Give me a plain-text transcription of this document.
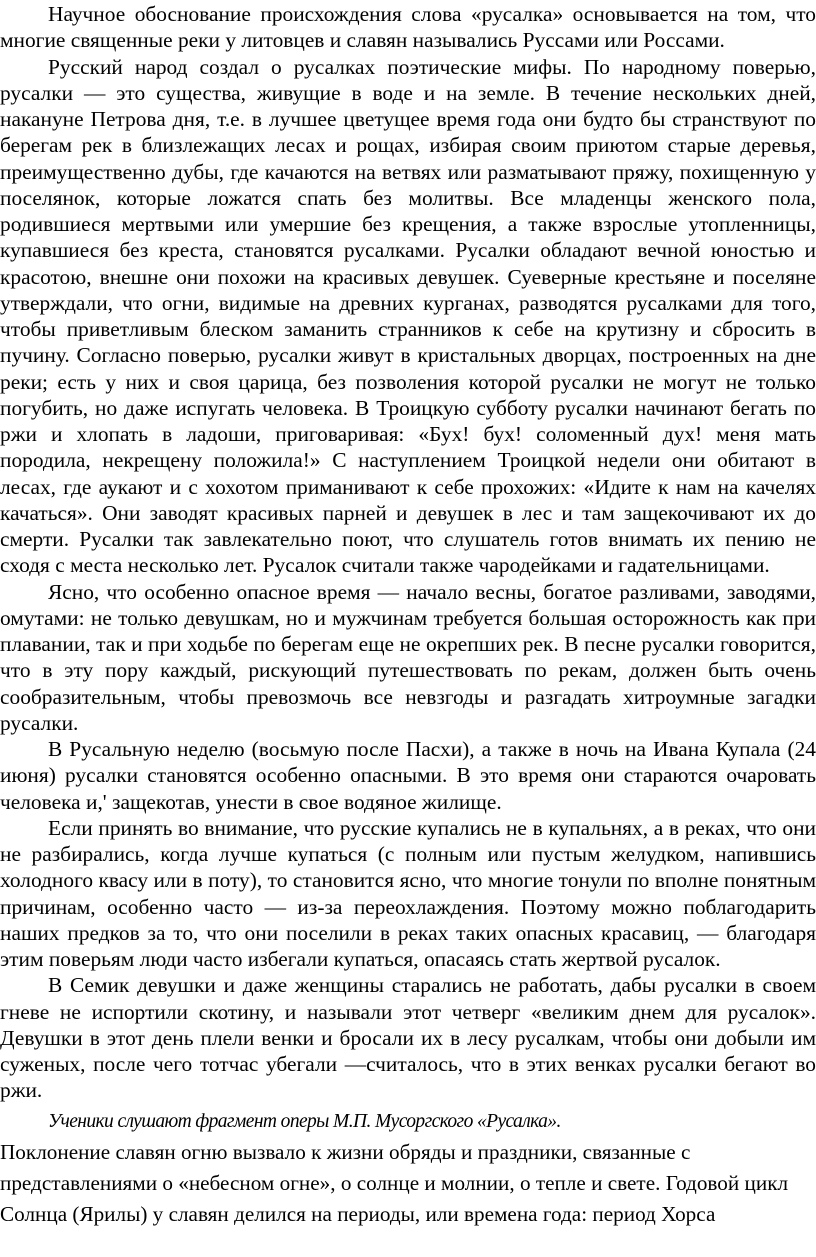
Научное обоснование происхождения слова «русалка» основывается на том, что многие священные реки у литовцев и славян назывались Руссами или Россами.

Русский народ создал о русалках поэтические мифы. По народному поверью, русалки — это существа, живущие в воде и на земле. В течение нескольких дней, накануне Петрова дня, т.е. в лучшее цветущее время года они будто бы странствуют по берегам рек в близлежащих лесах и рощах, избирая своим приютом старые деревья, преимущественно дубы, где качаются на ветвях или разматывают пряжу, похищенную у поселянок, которые ложатся спать без молитвы. Все младенцы женского пола, родившиеся мертвыми или умершие без крещения, а также взрослые утопленницы, купавшиеся без креста, становятся русалками. Русалки обладают вечной юностью и красотою, внешне они похожи на красивых девушек. Суеверные крестьяне и поселяне утверждали, что огни, видимые на древних курганах, разводятся русалками для того, чтобы приветливым блеском заманить странников к себе на крутизну и сбросить в пучину. Согласно поверью, русалки живут в кристальных дворцах, построенных на дне реки; есть у них и своя царица, без позволения которой русалки не могут не только погубить, но даже испугать человека. В Троицкую субботу русалки начинают бегать по ржи и хлопать в ладоши, приговаривая: «Бух! бух! соломенный дух! меня мать породила, некрещену положила!» С наступлением Троицкой недели они обитают в лесах, где аукают и с хохотом приманивают к себе прохожих: «Идите к нам на качелях качаться». Они заводят красивых парней и девушек в лес и там защекочивают их до смерти. Русалки так завлекательно поют, что слушатель готов внимать их пению не сходя с места несколько лет. Русалок считали также чародейками и гадательницами.

Ясно, что особенно опасное время — начало весны, богатое разливами, заводями, омутами: не только девушкам, но и мужчинам требуется большая осторожность как при плавании, так и при ходьбе по берегам еще не окрепших рек. В песне русалки говорится, что в эту пору каждый, рискующий путешествовать по рекам, должен быть очень сообразительным, чтобы превозмочь все невзгоды и разгадать хитроумные загадки русалки.

В Русальную неделю (восьмую после Пасхи), а также в ночь на Ивана Купала (24 июня) русалки становятся особенно опасными. В это время они стараются очаровать человека и,' защекотав, унести в свое водяное жилище.

Если принять во внимание, что русские купались не в купальнях, а в реках, что они не разбирались, когда лучше купаться (с полным или пустым желудком, напившись холодного квасу или в поту), то становится ясно, что многие тонули по вполне понятным причинам, особенно часто — из-за переохлаждения. Поэтому можно поблагодарить наших предков за то, что они поселили в реках таких опасных красавиц, — благодаря этим поверьям люди часто избегали купаться, опасаясь стать жертвой русалок.

В Семик девушки и даже женщины старались не работать, дабы русалки в своем гневе не испортили скотину, и называли этот четверг «великим днем для русалок». Девушки в этот день плели венки и бросали их в лесу русалкам, чтобы они добыли им суженых, после чего тотчас убегали —считалось, что в этих венках русалки бегают во ржи.

Ученики слушают фрагмент оперы М.П. Мусоргского «Русалка».

Поклонение славян огню вызвало к жизни обряды и праздники, связанные с представлениями о «небесном огне», о солнце и молнии, о тепле и свете. Годовой цикл Солнца (Ярилы) у славян делился на периоды, или времена года: период Хорса
